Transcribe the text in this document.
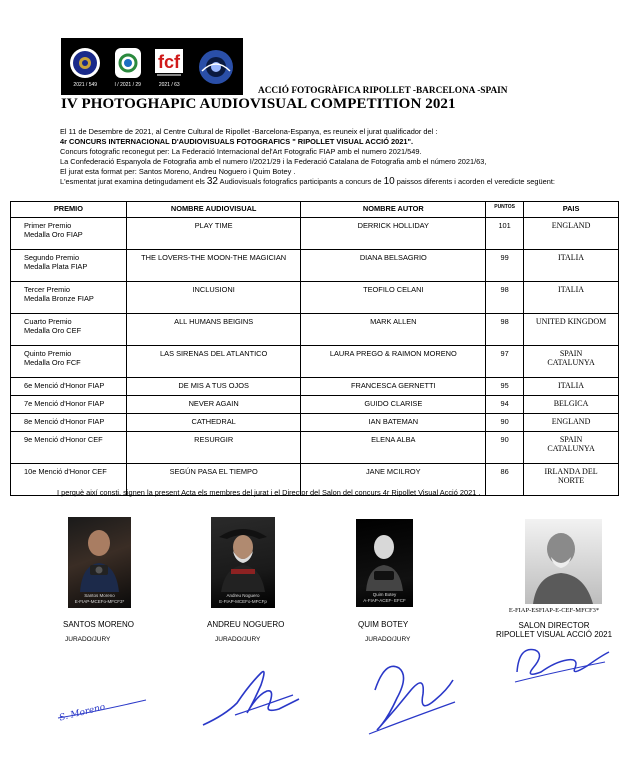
2021 / 549	I / 2021 / 29
fcf
2021 / 63
ACCIÓ FOTOGRÀFICA RIPOLLET -BARCELONA -SPAIN
IV PHOTOGHAPIC AUDIOVISUAL COMPETITION 2021

El 11 de Desembre de 2021, al Centre Cultural de Ripollet -Barcelona-Espanya, es reuneix el jurat qualificador del :

4r CONCURS INTERNACIONAL D'AUDIOVISUALS FOTOGRAFICS " RIPOLLET VISUAL ACCIÓ 2021".

Concurs fotografic reconegut per: La Federació Internacional del'Art Fotografic FIAP amb el numero 2021/549.

La Confederació Espanyola de Fotografia amb el numero I/2021/29 i la Federació Catalana de Fotografia amb el número 2021/63,

El jurat esta format per: Santos Moreno, Andreu Noguero i Quim Botey .

L'esmentat jurat examina detingudament els 32 Audiovisuals fotografics participants a concurs de 10 paissos diferents i acorden el veredicte següent:

PREMIO	NOMBRE AUDIOVISUAL	NOMBRE AUTOR	PUNTOS	PAIS
Primer Premio
Medalla Oro FIAP	PLAY TIME	DERRICK HOLLIDAY	101	ENGLAND

Segundo Premio
Medalla Plata FIAP	THE LOVERS-THE MOON-THE MAGICIAN	DIANA BELSAGRIO	99	ITALIA

Tercer Premio
Medalla Bronze FIAP	INCLUSIONI	TEOFILO CELANI	98	ITALIA

Cuarto Premio
Medalla Oro CEF	ALL HUMANS BEIGINS	MARK ALLEN	98	UNITED KINGDOM

Quinto Premio
Medalla Oro FCF	LAS SIRENAS DEL ATLANTICO	LAURA PREGO & RAIMON MORENO	97	SPAIN
CATALUNYA
6e Menció d'Honor FIAP	DE MIS A TUS OJOS	FRANCESCA GERNETTI	95	ITALIA

7e Menció d'Honor FIAP	NEVER AGAIN	GUIDO CLARISE	94	BELGICA

8e Menció d'Honor FIAP	CATHEDRAL	IAN BATEMAN	90	ENGLAND

9e Menció d'Honor CEF	RESURGIR	ELENA ALBA	90	SPAIN
CATALUNYA
10e Menció d'Honor CEF	SEGÚN PASA EL TIEMPO	JANE MCILROY	86	IRLANDA DEL
NORTE
I perquè així consti, signen la present Acta els membres del jurat i el Director del Salon del concurs 4r Ripollet Visual Acció 2021 .
Santos Moreno
E-FIAP-MCEFo-MFCF3*
Andreu Noguero
E-FIAP-MCEFo-MFCFp
Quim Botey
A-FIAP-ACEF- EFCF
SANTOS MORENO	ANDREU NOGUERO	QUIM BOTEY
JURADO/JURY	JURADO/JURY	JURADO/JURY
E-FIAP-ESFIAP-E-CEF-MFCF3*
SALON DIRECTOR
RIPOLLET VISUAL ACCIÓ 2021
S. Moreno
